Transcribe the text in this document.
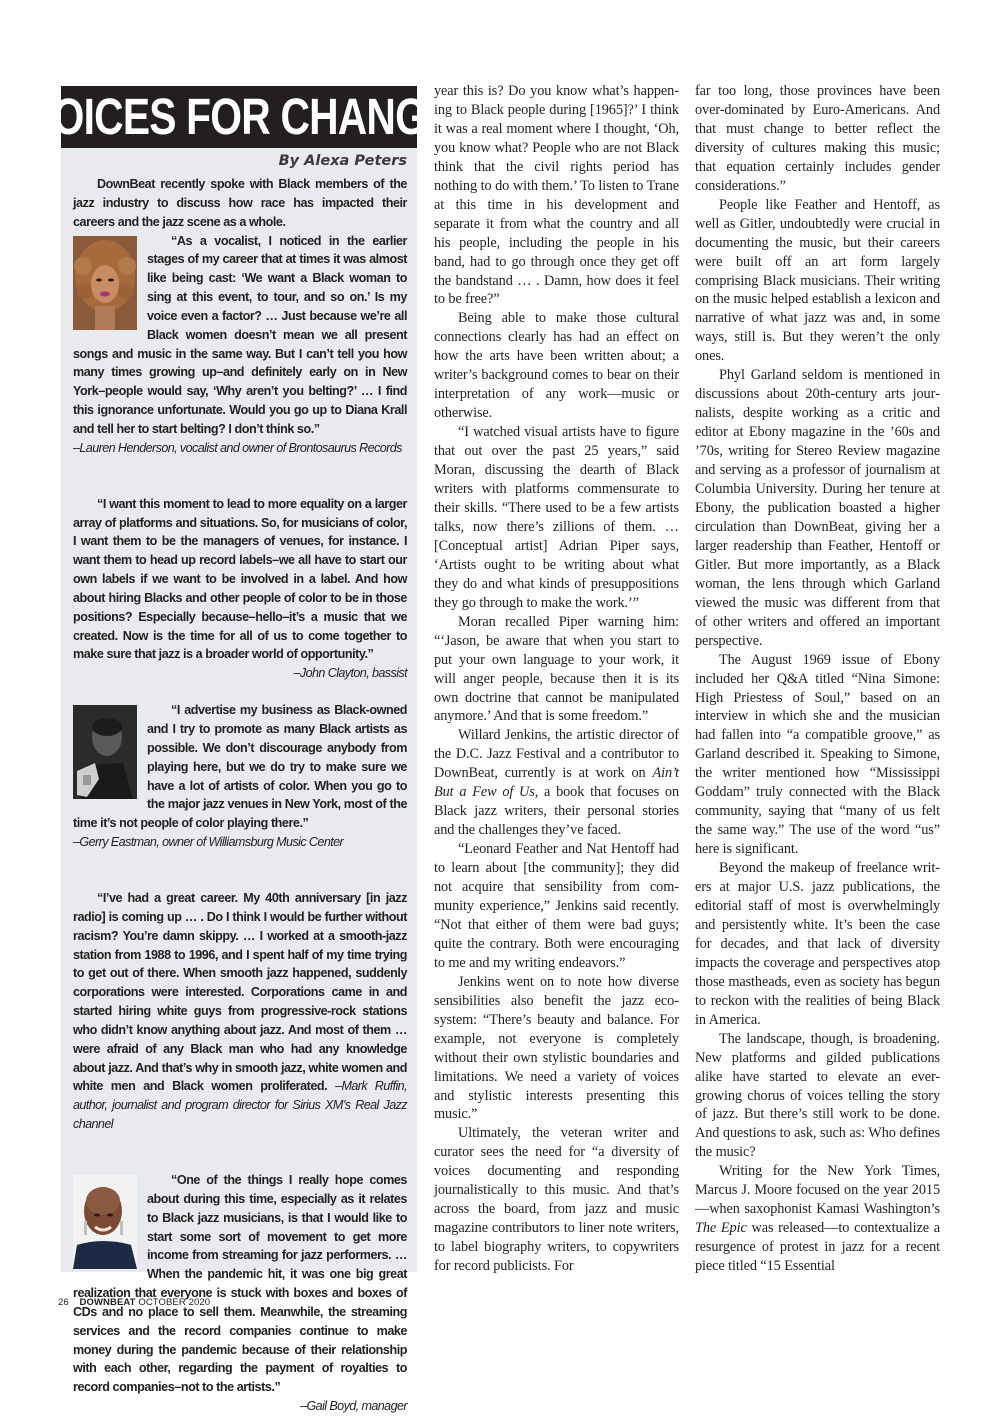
VOICES FOR CHANGE
By Alexa Peters

DownBeat recently spoke with Black members of the jazz industry to discuss how race has impacted their careers and the jazz scene as a whole.

“As a vocalist, I noticed in the earlier stages of my career that at times it was almost like being cast: ‘We want a Black woman to sing at this event, to tour, and so on.’ Is my voice even a factor? … Just because we’re all Black women doesn’t mean we all present songs and music in the same way. But I can’t tell you how many times growing up–and definitely early on in New York–people would say, ‘Why aren’t you belting?’ … I find this ignorance unfortunate. Would you go up to Diana Krall and tell her to start belting? I don’t think so.”

–Lauren Henderson, vocalist and owner of Brontosaurus Records

“I want this moment to lead to more equality on a larger array of platforms and situations. So, for musicians of color, I want them to be the managers of venues, for instance. I want them to head up record labels–we all have to start our own labels if we want to be involved in a label. And how about hiring Blacks and other people of color to be in those positions? Especially because–hello–it’s a music that we created. Now is the time for all of us to come together to make sure that jazz is a broader world of opportunity.”
–John Clayton, bassist

“I advertise my business as Black-owned and I try to promote as many Black artists as possible. We don’t discourage anybody from playing here, but we do try to make sure we have a lot of artists of color. When you go to the major jazz venues in New York, most of the time it’s not people of color playing there.”

–Gerry Eastman, owner of Williamsburg Music Center

“I’ve had a great career. My 40th anniversary [in jazz radio] is coming up … . Do I think I would be further without racism? You’re damn skippy. … I worked at a smooth-jazz station from 1988 to 1996, and I spent half of my time trying to get out of there. When smooth jazz happened, suddenly corporations were interested. Corporations came in and started hiring white guys from progressive-rock stations who didn’t know anything about jazz. And most of them … were afraid of any Black man who had any knowledge about jazz. And that’s why in smooth jazz, white women and white men and Black women proliferated. –Mark Ruffin, author, journalist and program director for Sirius XM’s Real Jazz channel

“One of the things I really hope comes about during this time, especially as it relates to Black jazz musicians, is that I would like to start some sort of movement to get more income from streaming for jazz performers. … When the pandemic hit, it was one big great realization that everyone is stuck with boxes and boxes of CDs and no place to sell them. Meanwhile, the streaming services and the record companies continue to make money during the pandemic because of their relationship with each other, regarding the payment of royalties to record companies–not to the artists.”
–Gail Boyd, manager

year this is? Do you know what’s happening to Black people during [1965]?’ I think it was a real moment where I thought, ‘Oh, you know what? People who are not Black think that the civil rights period has nothing to do with them.’ To listen to Trane at this time in his development and separate it from what the country and all his people, including the people in his band, had to go through once they get off the bandstand … . Damn, how does it feel to be free?”

Being able to make those cultural connections clearly has had an effect on how the arts have been written about; a writer’s background comes to bear on their interpretation of any work—music or otherwise.

“I watched visual artists have to figure that out over the past 25 years,” said Moran, discussing the dearth of Black writers with platforms commensurate to their skills. “There used to be a few artists talks, now there’s zillions of them. … [Conceptual artist] Adrian Piper says, ‘Artists ought to be writing about what they do and what kinds of presuppositions they go through to make the work.’”

Moran recalled Piper warning him: “‘Jason, be aware that when you start to put your own language to your work, it will anger people, because then it is its own doctrine that cannot be manipulated anymore.’ And that is some freedom.”

Willard Jenkins, the artistic director of the D.C. Jazz Festival and a contributor to DownBeat, currently is at work on Ain’t But a Few of Us, a book that focuses on Black jazz writers, their personal stories and the challenges they’ve faced.

“Leonard Feather and Nat Hentoff had to learn about [the community]; they did not acquire that sensibility from community experience,” Jenkins said recently. “Not that either of them were bad guys; quite the contrary. Both were encouraging to me and my writing endeavors.”

Jenkins went on to note how diverse sensibilities also benefit the jazz ecosystem: “There’s beauty and balance. For example, not everyone is completely without their own stylistic boundaries and limitations. We need a variety of voices and stylistic interests presenting this music.”

Ultimately, the veteran writer and curator sees the need for “a diversity of voices documenting and responding journalistically to this music. And that’s across the board, from jazz and music magazine contributors to liner note writers, to label biography writers, to copywriters for record publicists. For

far too long, those provinces have been over-dominated by Euro-Americans. And that must change to better reflect the diversity of cultures making this music; that equation certainly includes gender considerations.”

People like Feather and Hentoff, as well as Gitler, undoubtedly were crucial in documenting the music, but their careers were built off an art form largely comprising Black musicians. Their writing on the music helped establish a lexicon and narrative of what jazz was and, in some ways, still is. But they weren’t the only ones.

Phyl Garland seldom is mentioned in discussions about 20th-century arts journalists, despite working as a critic and editor at Ebony magazine in the ’60s and ’70s, writing for Stereo Review magazine and serving as a professor of journalism at Columbia University. During her tenure at Ebony, the publication boasted a higher circulation than DownBeat, giving her a larger readership than Feather, Hentoff or Gitler. But more importantly, as a Black woman, the lens through which Garland viewed the music was different from that of other writers and offered an important perspective.

The August 1969 issue of Ebony included her Q&A titled “Nina Simone: High Priestess of Soul,” based on an interview in which she and the musician had fallen into “a compatible groove,” as Garland described it. Speaking to Simone, the writer mentioned how “Mississippi Goddam” truly connected with the Black community, saying that “many of us felt the same way.” The use of the word “us” here is significant.

Beyond the makeup of freelance writers at major U.S. jazz publications, the editorial staff of most is overwhelmingly and persistently white. It’s been the case for decades, and that lack of diversity impacts the coverage and perspectives atop those mastheads, even as society has begun to reckon with the realities of being Black in America.

The landscape, though, is broadening. New platforms and gilded publications alike have started to elevate an ever-growing chorus of voices telling the story of jazz. But there’s still work to be done. And questions to ask, such as: Who defines the music?

Writing for the New York Times, Marcus J. Moore focused on the year 2015—when saxophonist Kamasi Washington’s The Epic was released—to contextualize a resurgence of protest in jazz for a recent piece titled “15 Essential

26 DOWNBEAT OCTOBER 2020
